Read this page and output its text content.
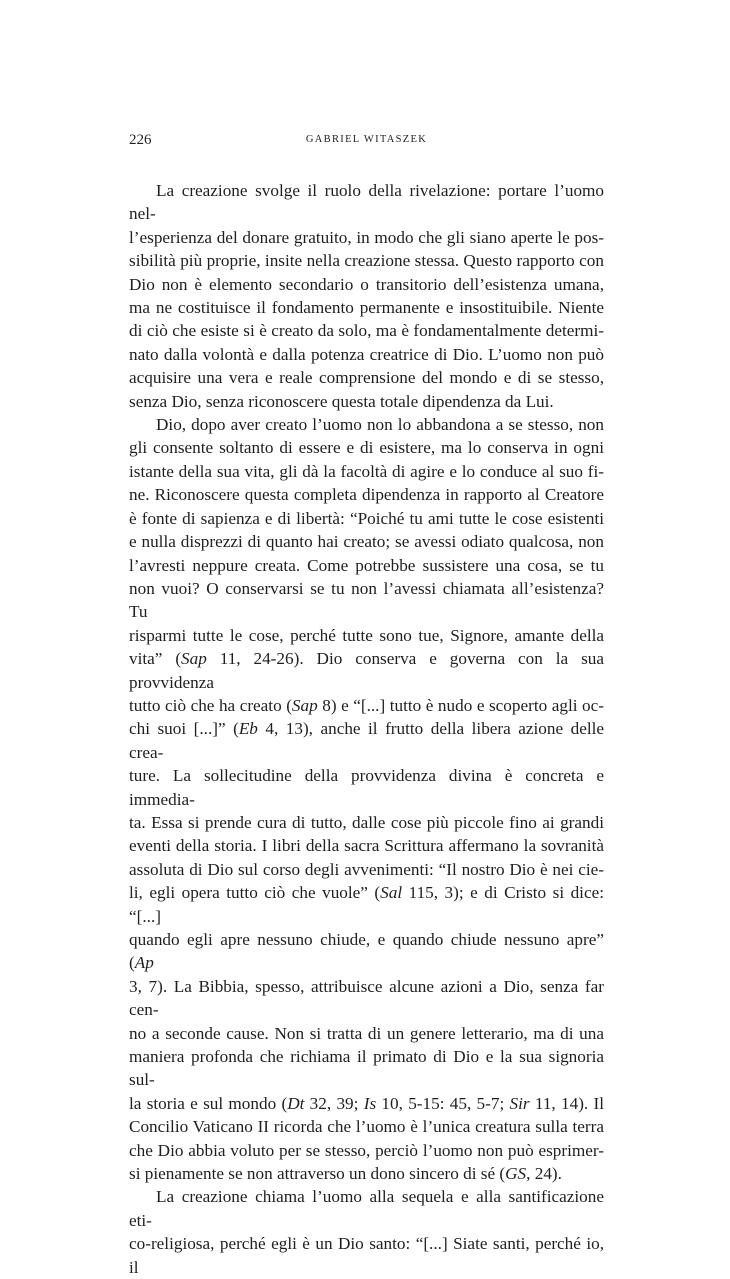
226	GABRIEL WITASZEK

La creazione svolge il ruolo della rivelazione: portare l’uomo nel-
l’esperienza del donare gratuito, in modo che gli siano aperte le pos-
sibilità più proprie, insite nella creazione stessa. Questo rapporto con
Dio non è elemento secondario o transitorio dell’esistenza umana,
ma ne costituisce il fondamento permanente e insostituibile. Niente
di ciò che esiste si è creato da solo, ma è fondamentalmente determi-
nato dalla volontà e dalla potenza creatrice di Dio. L’uomo non può
acquisire una vera e reale comprensione del mondo e di se stesso,
senza Dio, senza riconoscere questa totale dipendenza da Lui.

Dio, dopo aver creato l’uomo non lo abbandona a se stesso, non
gli consente soltanto di essere e di esistere, ma lo conserva in ogni
istante della sua vita, gli dà la facoltà di agire e lo conduce al suo fi-
ne. Riconoscere questa completa dipendenza in rapporto al Creatore
è fonte di sapienza e di libertà: “Poiché tu ami tutte le cose esistenti
e nulla disprezzi di quanto hai creato; se avessi odiato qualcosa, non
l’avresti neppure creata. Come potrebbe sussistere una cosa, se tu
non vuoi? O conservarsi se tu non l’avessi chiamata all’esistenza? Tu
risparmi tutte le cose, perché tutte sono tue, Signore, amante della
vita” (Sap 11, 24-26). Dio conserva e governa con la sua provvidenza
tutto ciò che ha creato (Sap 8) e “[...] tutto è nudo e scoperto agli oc-
chi suoi [...]” (Eb 4, 13), anche il frutto della libera azione delle crea-
ture. La sollecitudine della provvidenza divina è concreta e immedia-
ta. Essa si prende cura di tutto, dalle cose più piccole fino ai grandi
eventi della storia. I libri della sacra Scrittura affermano la sovranità
assoluta di Dio sul corso degli avvenimenti: “Il nostro Dio è nei cie-
li, egli opera tutto ciò che vuole” (Sal 115, 3); e di Cristo si dice: “[...]
quando egli apre nessuno chiude, e quando chiude nessuno apre” (Ap
3, 7). La Bibbia, spesso, attribuisce alcune azioni a Dio, senza far cen-
no a seconde cause. Non si tratta di un genere letterario, ma di una
maniera profonda che richiama il primato di Dio e la sua signoria sul-
la storia e sul mondo (Dt 32, 39; Is 10, 5-15: 45, 5-7; Sir 11, 14). Il
Concilio Vaticano II ricorda che l’uomo è l’unica creatura sulla terra
che Dio abbia voluto per se stesso, perciò l’uomo non può esprimer-
si pienamente se non attraverso un dono sincero di sé (GS, 24).

La creazione chiama l’uomo alla sequela e alla santificazione eti-
co-religiosa, perché egli è un Dio santo: “[...] Siate santi, perché io, il
